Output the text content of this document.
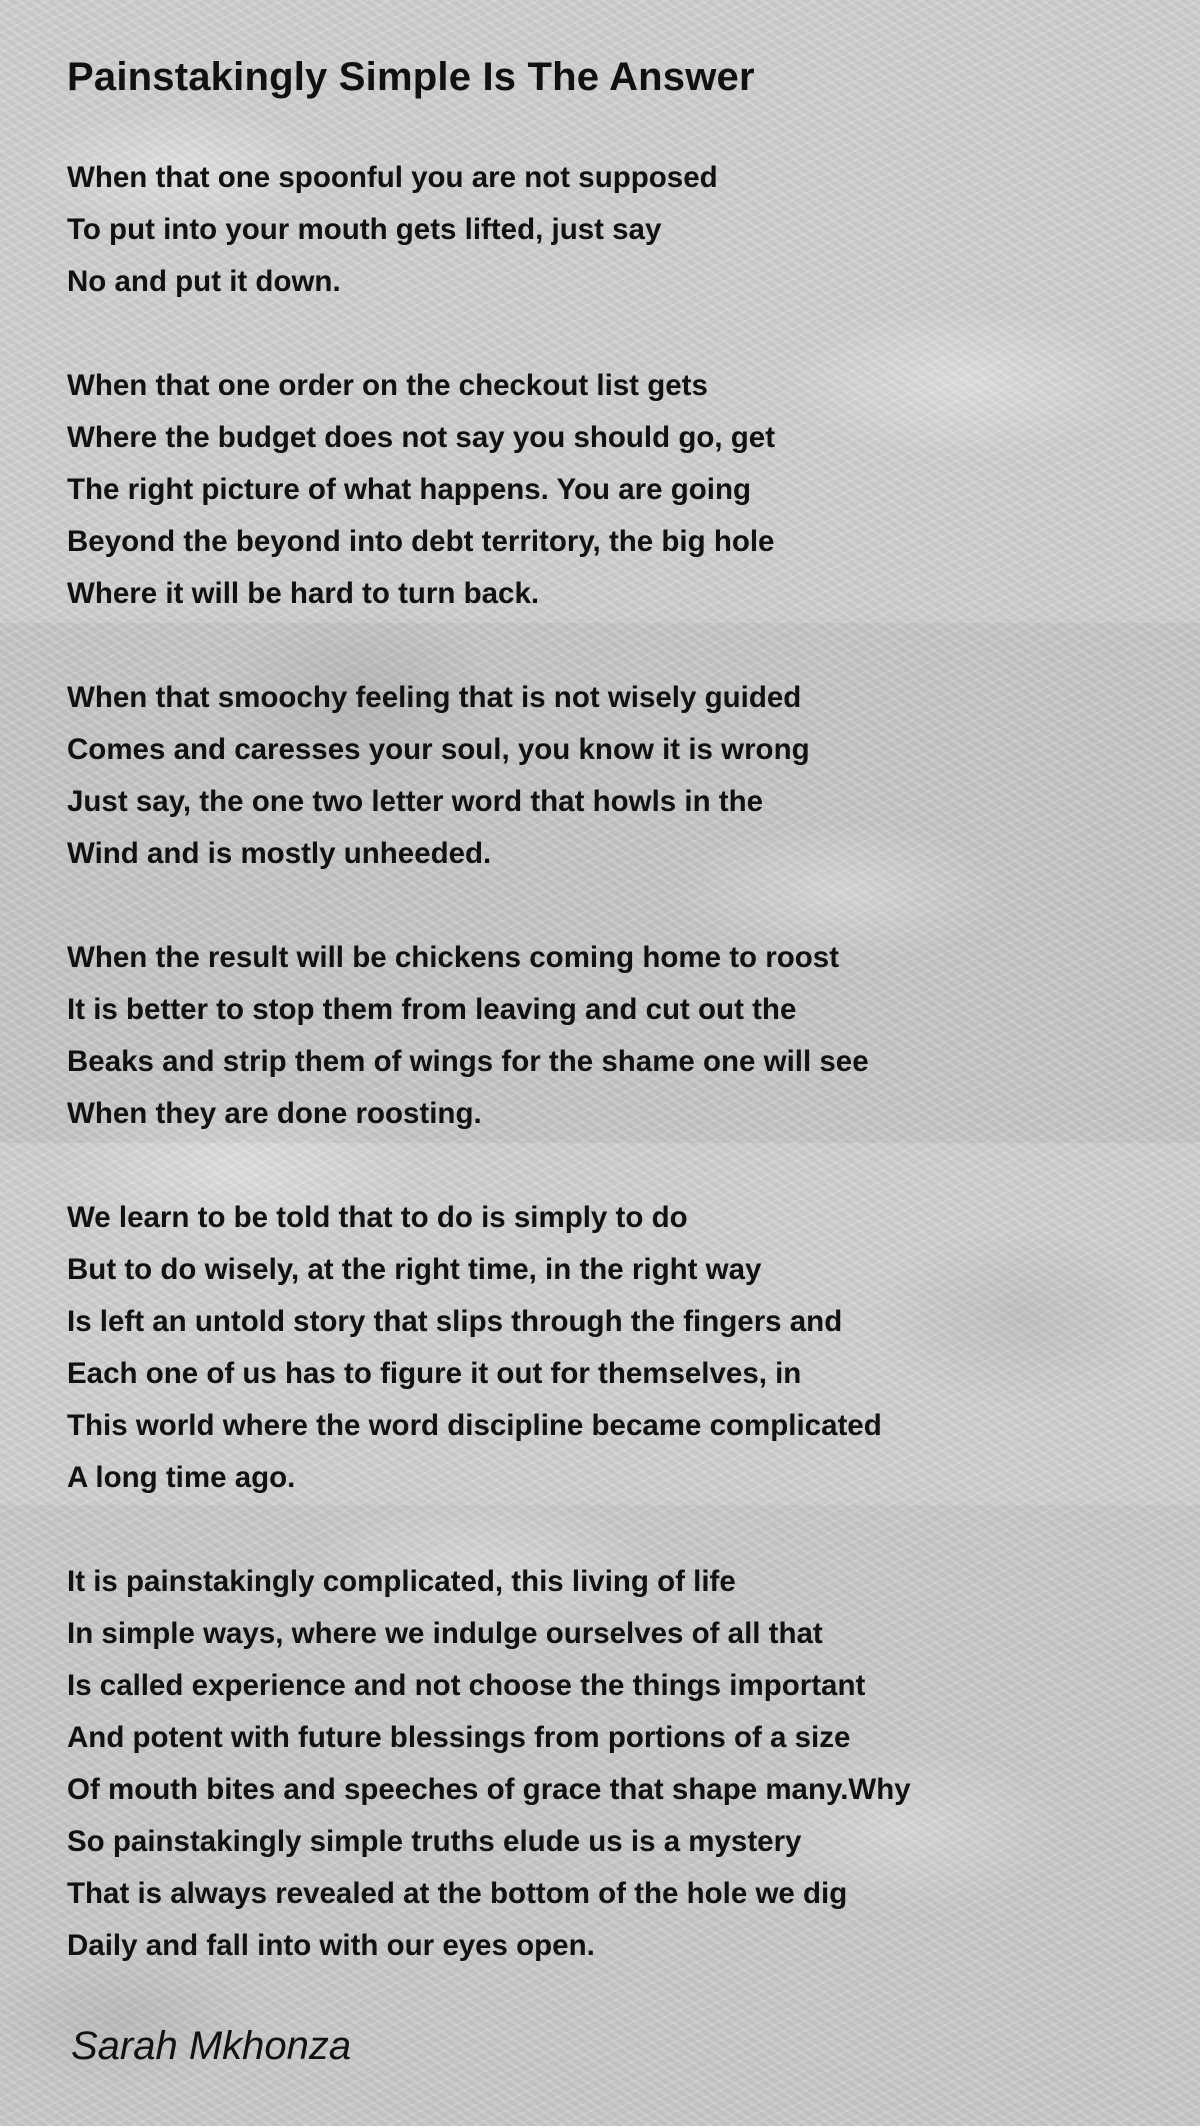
Painstakingly Simple Is The Answer
When that one spoonful you are not supposed
To put into your mouth gets lifted, just say
No and put it down.
When that one order on the checkout list gets
Where the budget does not say you should go, get
The right picture of what happens. You are going
Beyond the beyond into debt territory, the big hole
Where it will be hard to turn back.
When that smoochy feeling that is not wisely guided
Comes and caresses your soul, you know it is wrong
Just say, the one two letter word that howls in the
Wind and is mostly unheeded.
When the result will be chickens coming home to roost
It is better to stop them from leaving and cut out the
Beaks and strip them of wings for the shame one will see
When they are done roosting.
We learn to be told that to do is simply to do
But to do wisely, at the right time, in the right way
Is left an untold story that slips through the fingers and
Each one of us has to figure it out for themselves, in
This world where the word discipline became complicated
A long time ago.
It is painstakingly complicated, this living of life
In simple ways, where we indulge ourselves of all that
Is called experience and not choose the things important
And potent with future blessings from portions of a size
Of mouth bites and speeches of grace that shape many.Why
So painstakingly simple truths elude us is a mystery
That is always revealed at the bottom of the hole we dig
Daily and fall into with our eyes open.

Sarah Mkhonza
